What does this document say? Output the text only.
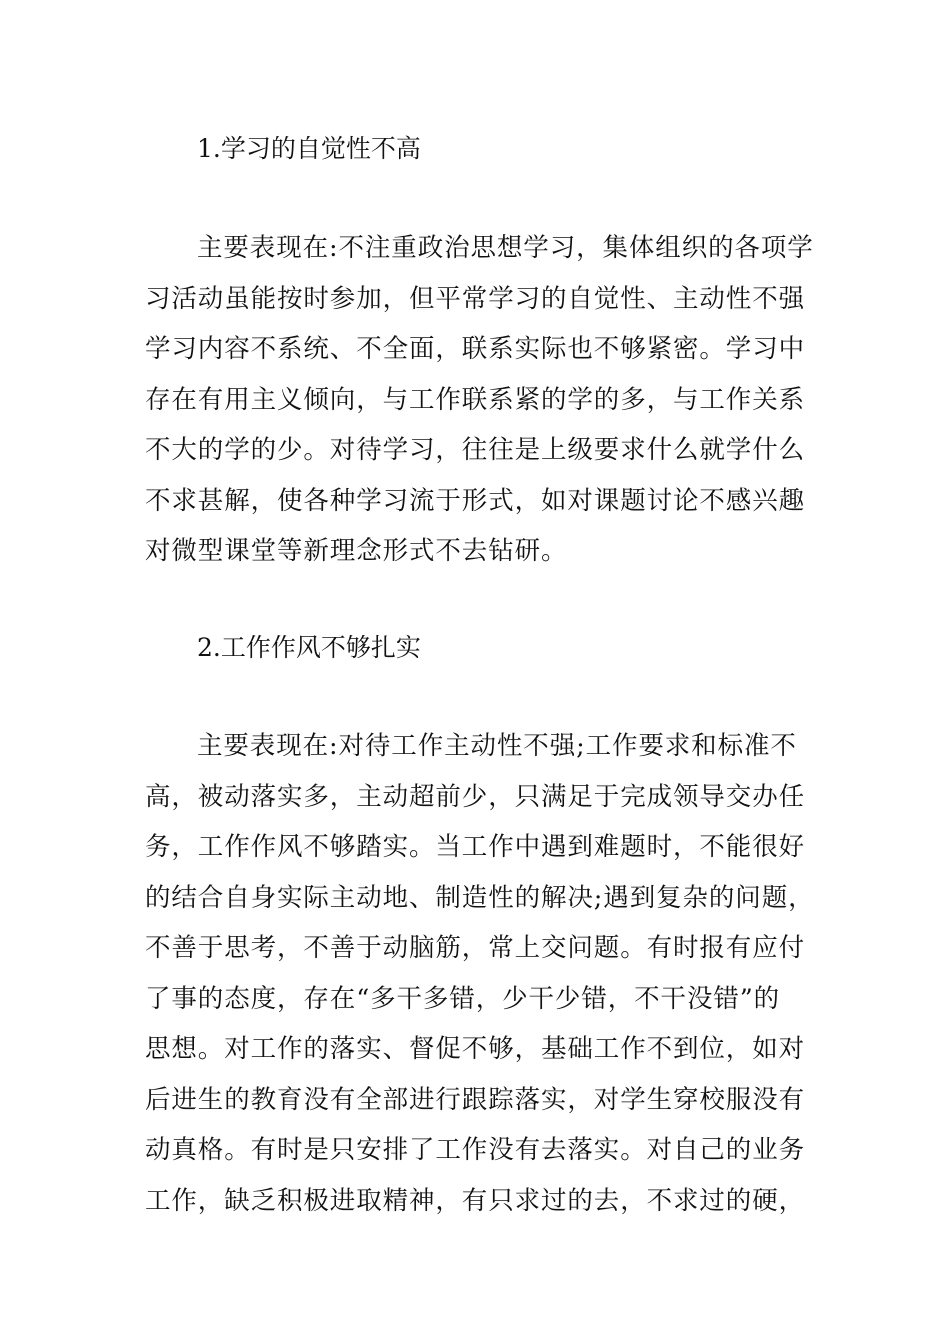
1.学习的自觉性不高
主要表现在:不注重政治思想学习，集体组织的各项学
习活动虽能按时参加，但平常学习的自觉性、主动性不强
学习内容不系统、不全面，联系实际也不够紧密。学习中
存在有用主义倾向，与工作联系紧的学的多，与工作关系
不大的学的少。对待学习，往往是上级要求什么就学什么
不求甚解，使各种学习流于形式，如对课题讨论不感兴趣
对微型课堂等新理念形式不去钻研。
2.工作作风不够扎实
主要表现在:对待工作主动性不强;工作要求和标准不
高，被动落实多，主动超前少，只满足于完成领导交办任
务，工作作风不够踏实。当工作中遇到难题时，不能很好
的结合自身实际主动地、制造性的解决;遇到复杂的问题，
不善于思考，不善于动脑筋，常上交问题。有时报有应付
了事的态度，存在“多干多错，少干少错，不干没错”的
思想。对工作的落实、督促不够，基础工作不到位，如对
后进生的教育没有全部进行跟踪落实，对学生穿校服没有
动真格。有时是只安排了工作没有去落实。对自己的业务
工作，缺乏积极进取精神，有只求过的去，不求过的硬，
